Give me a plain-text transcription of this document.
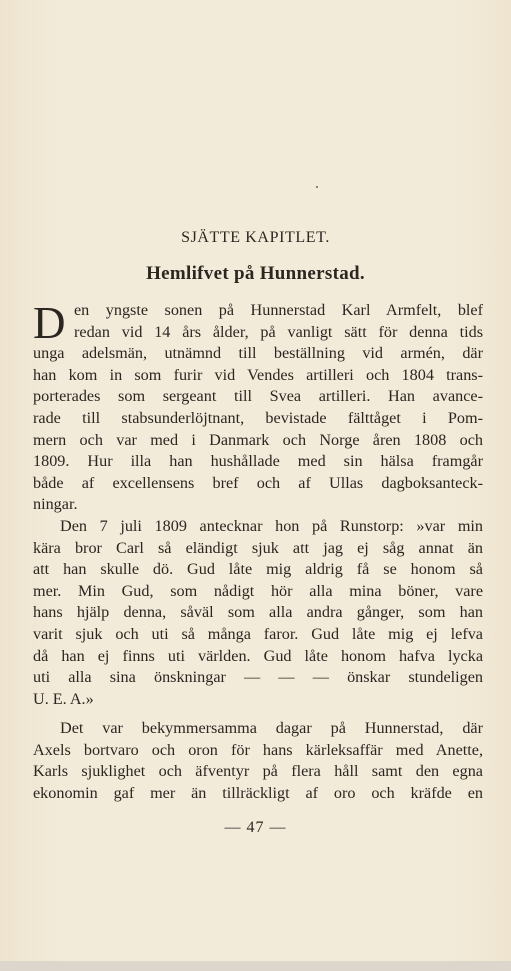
SJÄTTE KAPITLET.
Hemlifvet på Hunnerstad.
D en yngste sonen på Hunnerstad Karl Armfelt, blef
redan vid 14 års ålder, på vanligt sätt för denna tids
unga adelsmän, utnämnd till beställning vid armén, där
han kom in som furir vid Vendes artilleri och 1804 trans-
porterades som sergeant till Svea artilleri. Han avance-
rade till stabsunderlöjtnant, bevistade fälttåget i Pom-
mern och var med i Danmark och Norge åren 1808 och
1809. Hur illa han hushållade med sin hälsa framgår
både af excellensens bref och af Ullas dagboksanteck-
ningar.
Den 7 juli 1809 antecknar hon på Runstorp: »var min
kära bror Carl så eländigt sjuk att jag ej såg annat än
att han skulle dö. Gud låte mig aldrig få se honom så
mer. Min Gud, som nådigt hör alla mina böner, vare
hans hjälp denna, såväl som alla andra gånger, som han
varit sjuk och uti så många faror. Gud låte mig ej lefva
då han ej finns uti världen. Gud låte honom hafva lycka
uti alla sina önskningar — — — önskar stundeligen
U. E. A.»
Det var bekymmersamma dagar på Hunnerstad, där
Axels bortvaro och oron för hans kärleksaffär med Anette,
Karls sjuklighet och äfventyr på flera håll samt den egna
ekonomin gaf mer än tillräckligt af oro och kräfde en
— 47 —
